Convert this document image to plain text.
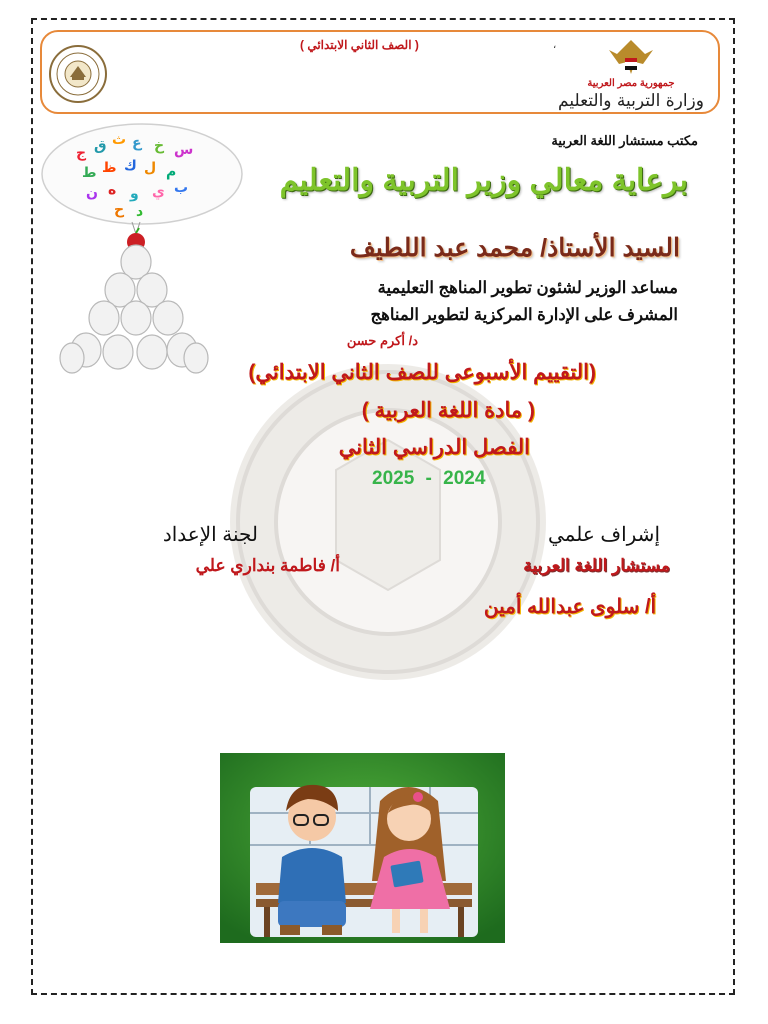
( الصف الثاني الابتدائي )	،
جمهورية مصر العربية
وزارة التربية والتعليم
ج ق ث ع خ س
ط ظ ك ل م
ن ه و ي ب
ح د
مكتب مستشار اللغة العربية
برعاية معالي وزير التربية والتعليم
السيد الأستاذ/ محمد عبد اللطيف
مساعد الوزير لشئون تطوير المناهج التعليمية
المشرف على الإدارة المركزية لتطوير المناهج
د/ أكرم حسن
(التقييم الأسبوعى للصف الثاني الابتدائي)
( مادة اللغة العربية )
الفصل الدراسي الثاني
2025 - 2024
إشراف علمي
لجنة الإعداد
مستشار اللغة العربية
أ/ فاطمة بنداري علي
أ/ سلوى عبدالله أمين
